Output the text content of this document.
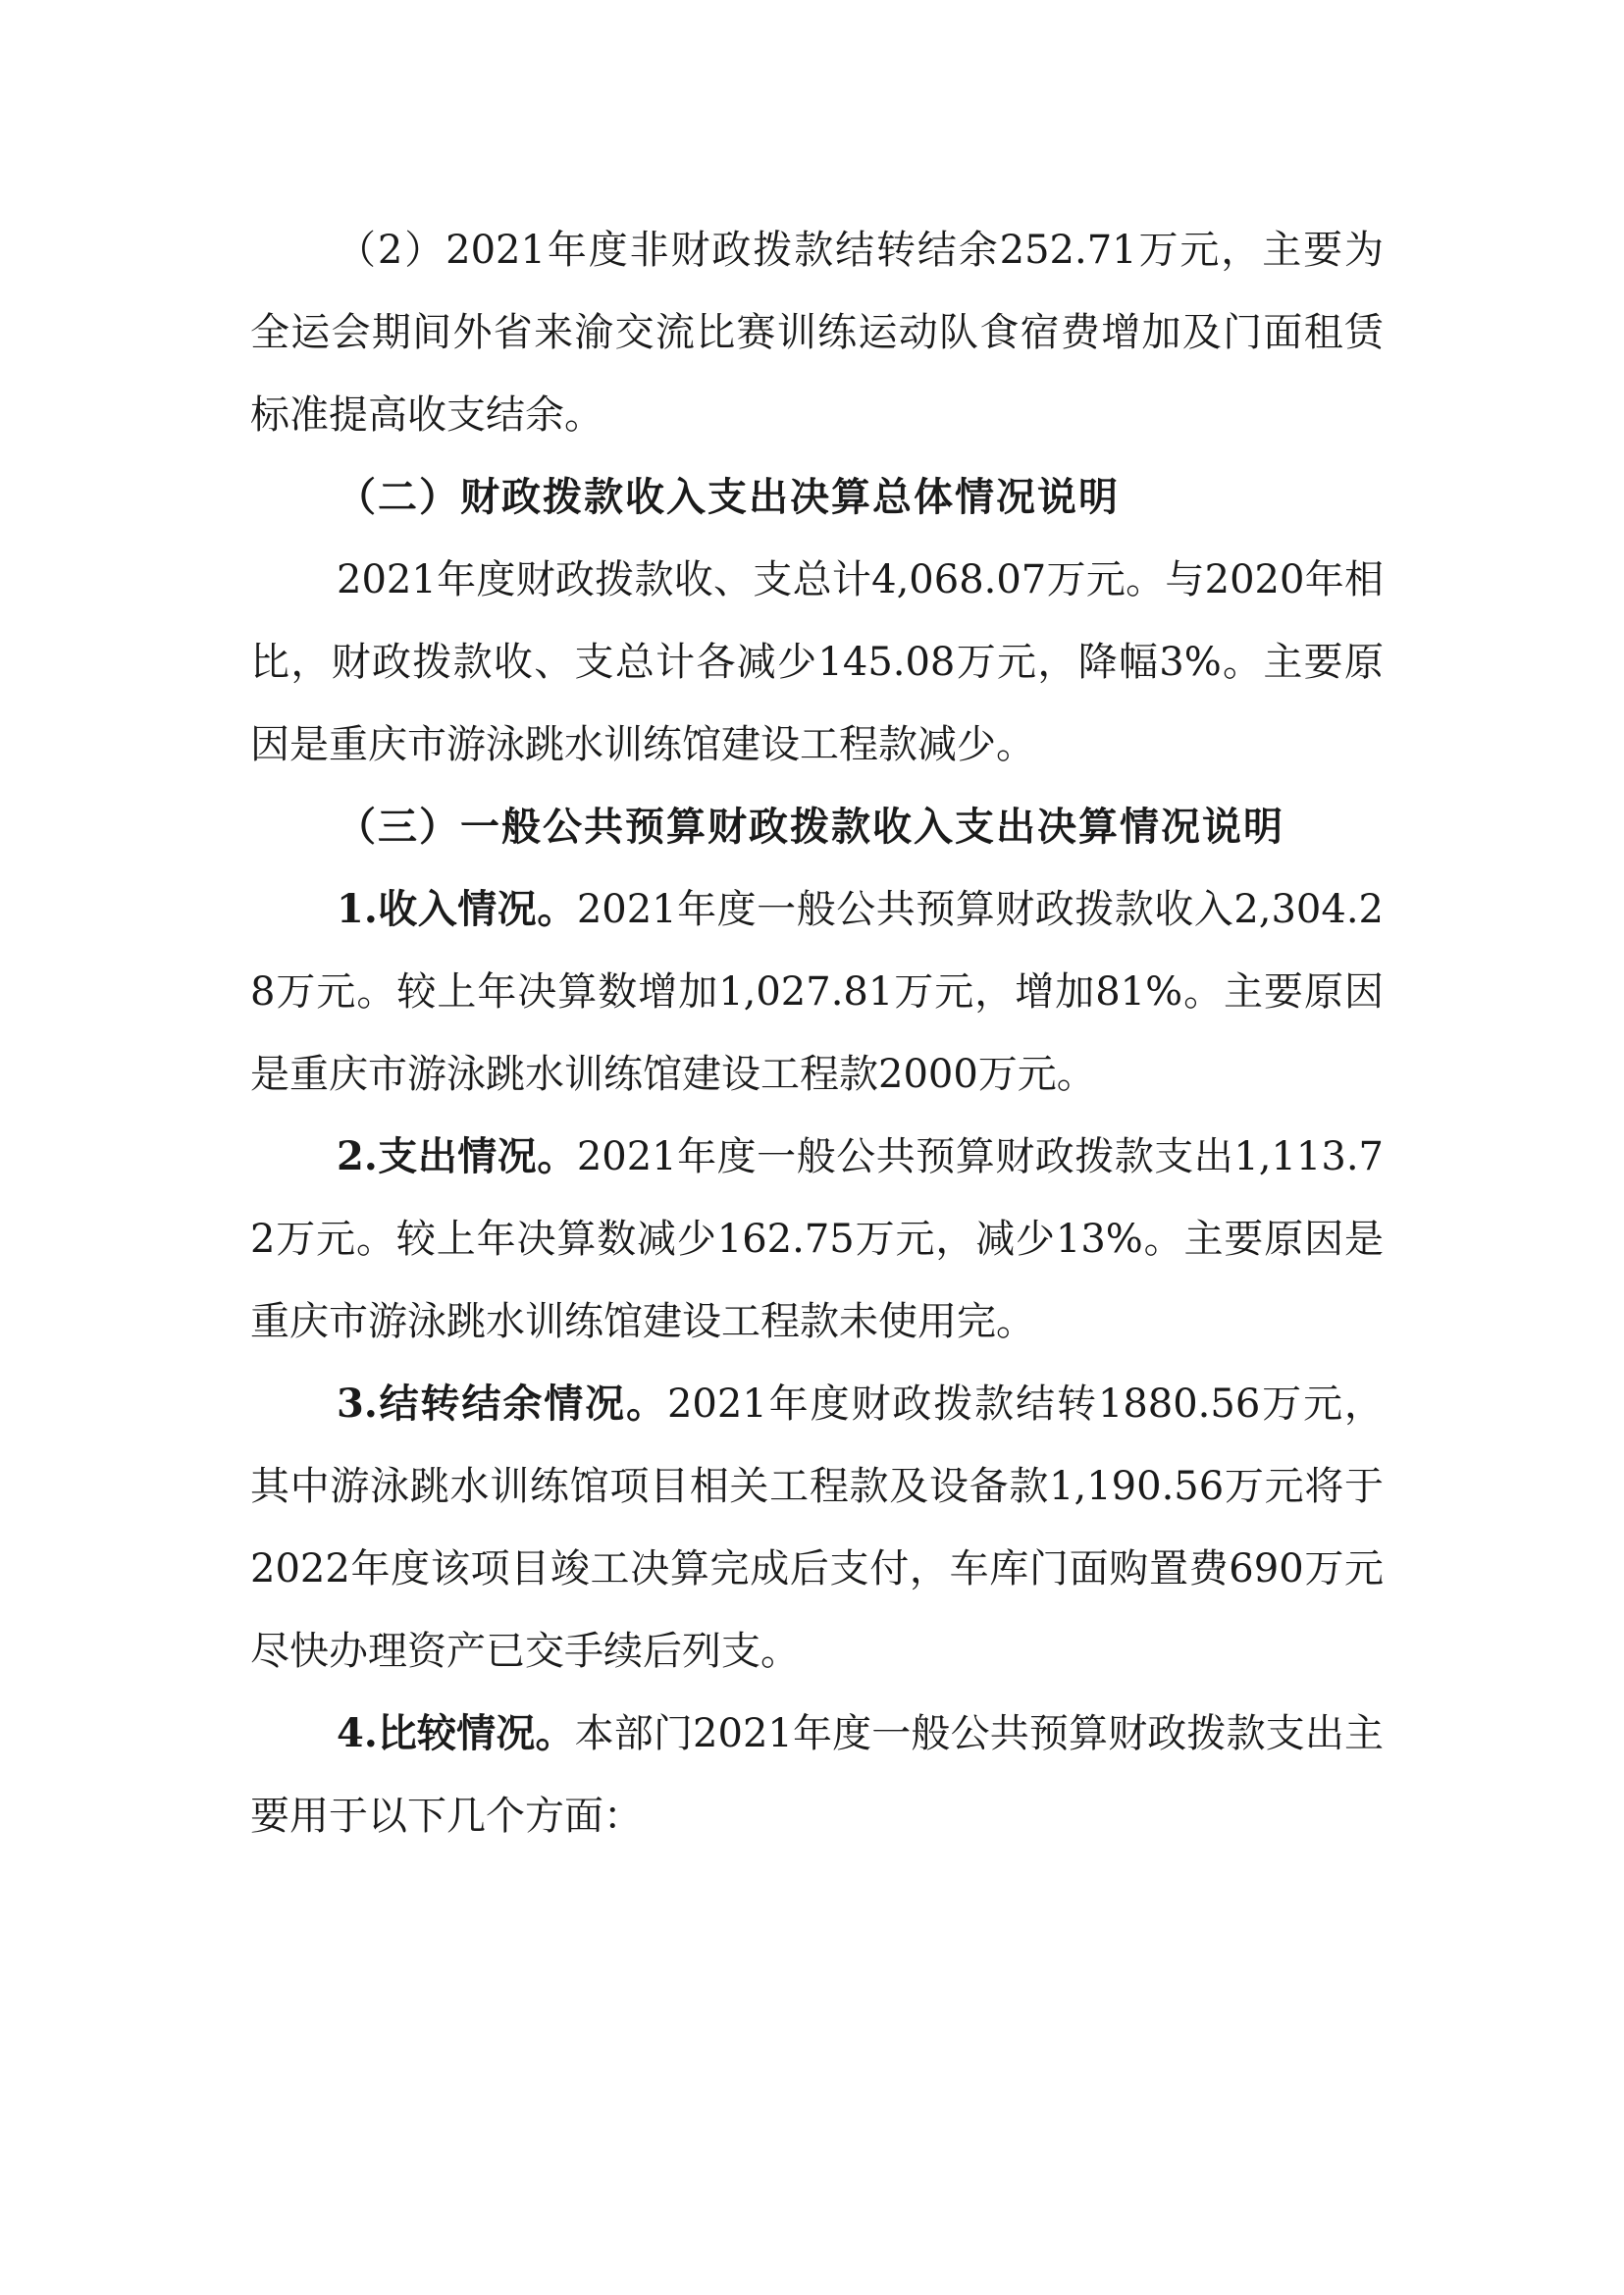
（2）2021年度非财政拨款结转结余252.71万元，主要为全运会期间外省来渝交流比赛训练运动队食宿费增加及门面租赁标准提高收支结余。

（二）财政拨款收入支出决算总体情况说明

2021年度财政拨款收、支总计4,068.07万元。与2020年相比，财政拨款收、支总计各减少145.08万元，降幅3%。主要原因是重庆市游泳跳水训练馆建设工程款减少。

（三）一般公共预算财政拨款收入支出决算情况说明

1.收入情况。2021年度一般公共预算财政拨款收入2,304.28万元。较上年决算数增加1,027.81万元，增加81%。主要原因是重庆市游泳跳水训练馆建设工程款2000万元。

2.支出情况。2021年度一般公共预算财政拨款支出1,113.72万元。较上年决算数减少162.75万元，减少13%。主要原因是重庆市游泳跳水训练馆建设工程款未使用完。

3.结转结余情况。2021年度财政拨款结转1880.56万元，其中游泳跳水训练馆项目相关工程款及设备款1,190.56万元将于2022年度该项目竣工决算完成后支付，车库门面购置费690万元尽快办理资产已交手续后列支。

4.比较情况。本部门2021年度一般公共预算财政拨款支出主要用于以下几个方面：
